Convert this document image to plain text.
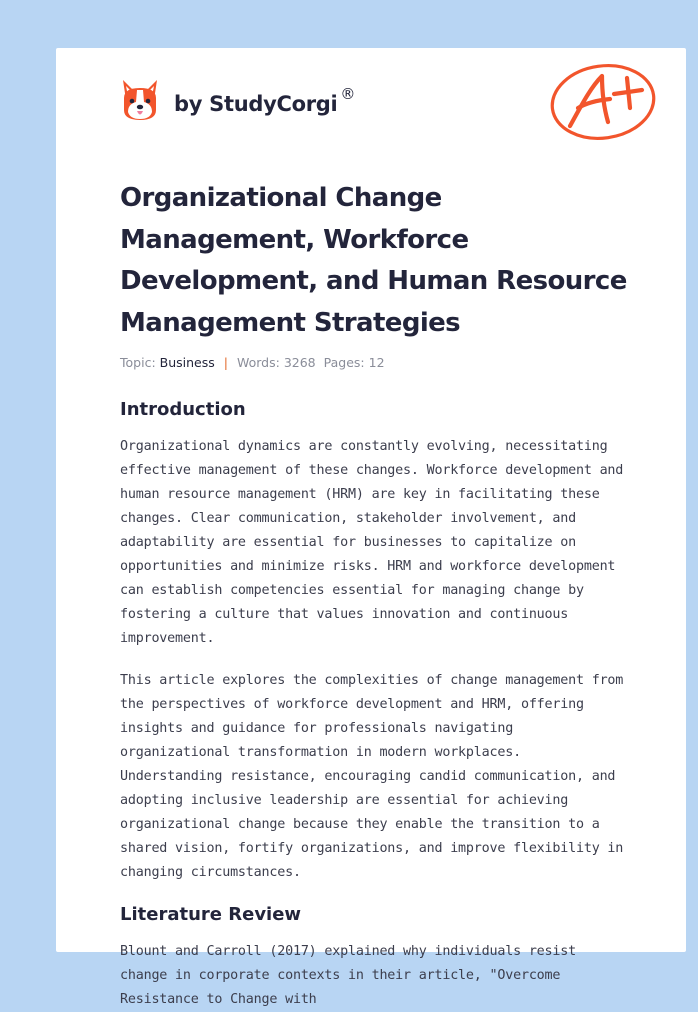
by StudyCorgi ®
Organizational Change Management, Workforce Development, and Human Resource Management Strategies
Topic: Business | Words: 3268 Pages: 12
Introduction

Organizational dynamics are constantly evolving, necessitating effective management of these changes. Workforce development and human resource management (HRM) are key in facilitating these changes. Clear communication, stakeholder involvement, and adaptability are essential for businesses to capitalize on opportunities and minimize risks. HRM and workforce development can establish competencies essential for managing change by fostering a culture that values innovation and continuous improvement.

This article explores the complexities of change management from the perspectives of workforce development and HRM, offering insights and guidance for professionals navigating organizational transformation in modern workplaces. Understanding resistance, encouraging candid communication, and adopting inclusive leadership are essential for achieving organizational change because they enable the transition to a shared vision, fortify organizations, and improve flexibility in changing circumstances.

Literature Review

Blount and Carroll (2017) explained why individuals resist change in corporate contexts in their article, "Overcome Resistance to Change with
